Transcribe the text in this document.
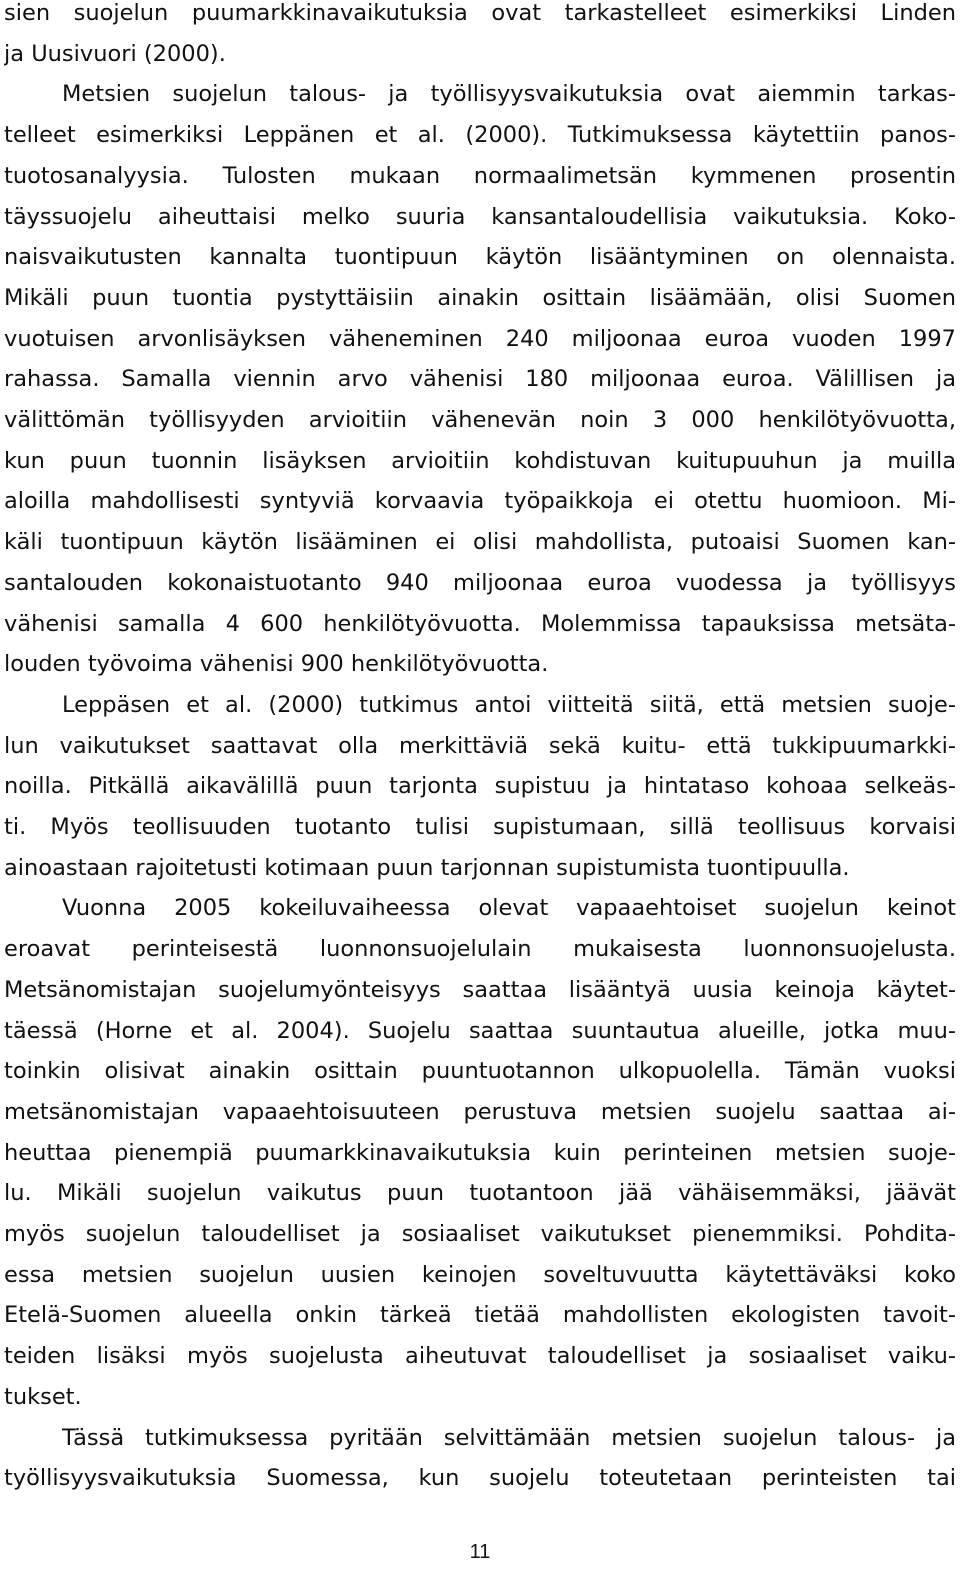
sien suojelun puumarkkinavaikutuksia ovat tarkastelleet esimerkiksi Linden
ja Uusivuori (2000).
Metsien suojelun talous- ja työllisyysvaikutuksia ovat aiemmin tarkas-
telleet esimerkiksi Leppänen et al. (2000). Tutkimuksessa käytettiin panos-
tuotosanalyysia. Tulosten mukaan normaalimetsän kymmenen prosentin
täyssuojelu aiheuttaisi melko suuria kansantaloudellisia vaikutuksia. Koko-
naisvaikutusten kannalta tuontipuun käytön lisääntyminen on olennaista.
Mikäli puun tuontia pystyttäisiin ainakin osittain lisäämään, olisi Suomen
vuotuisen arvonlisäyksen väheneminen 240 miljoonaa euroa vuoden 1997
rahassa. Samalla viennin arvo vähenisi 180 miljoonaa euroa. Välillisen ja
välittömän työllisyyden arvioitiin vähenevän noin 3 000 henkilötyövuotta,
kun puun tuonnin lisäyksen arvioitiin kohdistuvan kuitupuuhun ja muilla
aloilla mahdollisesti syntyviä korvaavia työpaikkoja ei otettu huomioon. Mi-
käli tuontipuun käytön lisääminen ei olisi mahdollista, putoaisi Suomen kan-
santalouden kokonaistuotanto 940 miljoonaa euroa vuodessa ja työllisyys
vähenisi samalla 4 600 henkilötyövuotta. Molemmissa tapauksissa metsäta-
louden työvoima vähenisi 900 henkilötyövuotta.
Leppäsen et al. (2000) tutkimus antoi viitteitä siitä, että metsien suoje-
lun vaikutukset saattavat olla merkittäviä sekä kuitu- että tukkipuumarkki-
noilla. Pitkällä aikavälillä puun tarjonta supistuu ja hintataso kohoaa selkeäs-
ti. Myös teollisuuden tuotanto tulisi supistumaan, sillä teollisuus korvaisi
ainoastaan rajoitetusti kotimaan puun tarjonnan supistumista tuontipuulla.
Vuonna 2005 kokeiluvaiheessa olevat vapaaehtoiset suojelun keinot
eroavat perinteisestä luonnonsuojelulain mukaisesta luonnonsuojelusta.
Metsänomistajan suojelumyönteisyys saattaa lisääntyä uusia keinoja käytet-
täessä (Horne et al. 2004). Suojelu saattaa suuntautua alueille, jotka muu-
toinkin olisivat ainakin osittain puuntuotannon ulkopuolella. Tämän vuoksi
metsänomistajan vapaaehtoisuuteen perustuva metsien suojelu saattaa ai-
heuttaa pienempiä puumarkkinavaikutuksia kuin perinteinen metsien suoje-
lu. Mikäli suojelun vaikutus puun tuotantoon jää vähäisemmäksi, jäävät
myös suojelun taloudelliset ja sosiaaliset vaikutukset pienemmiksi. Pohdita-
essa metsien suojelun uusien keinojen soveltuvuutta käytettäväksi koko
Etelä-Suomen alueella onkin tärkeä tietää mahdollisten ekologisten tavoit-
teiden lisäksi myös suojelusta aiheutuvat taloudelliset ja sosiaaliset vaiku-
tukset.
Tässä tutkimuksessa pyritään selvittämään metsien suojelun talous- ja
työllisyysvaikutuksia Suomessa, kun suojelu toteutetaan perinteisten tai
11
